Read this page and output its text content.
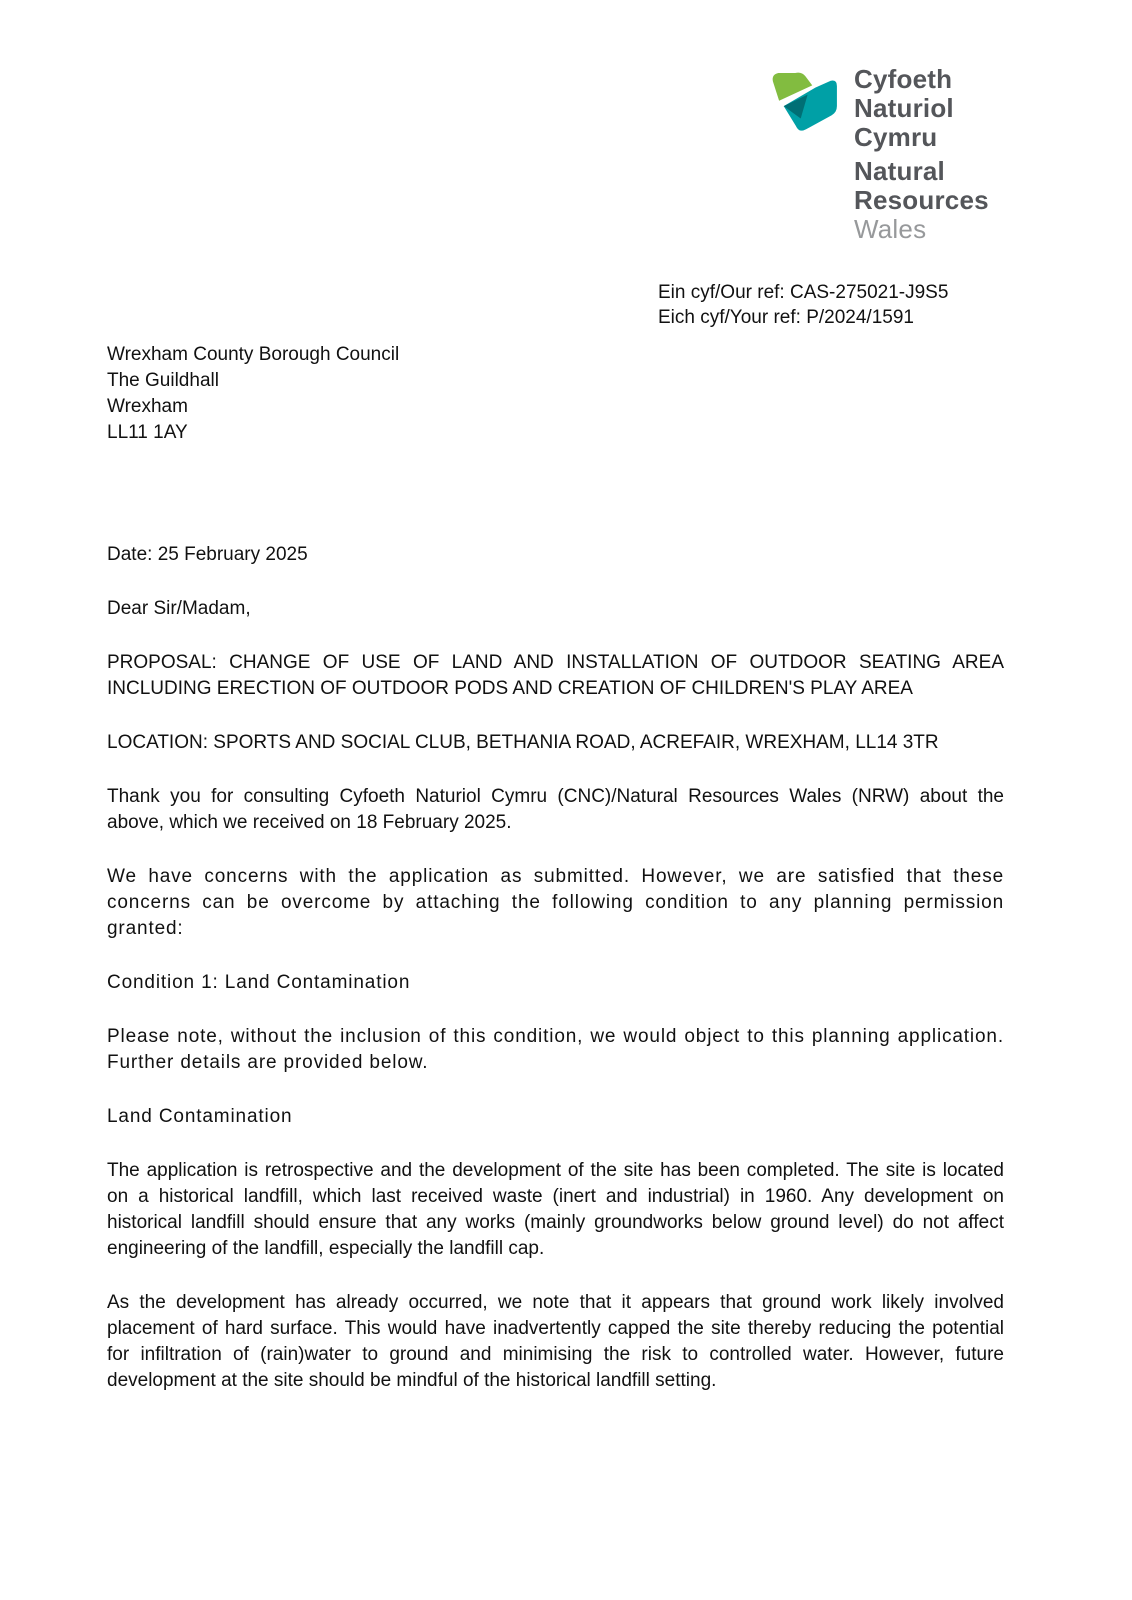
Cyfoeth
Naturiol
Cymru
Natural
Resources
Wales
Ein cyf/Our ref: CAS-275021-J9S5
Eich cyf/Your ref: P/2024/1591
Wrexham County Borough Council
The Guildhall
Wrexham
LL11 1AY

Date: 25 February 2025

Dear Sir/Madam,

PROPOSAL: CHANGE OF USE OF LAND AND INSTALLATION OF OUTDOOR SEATING AREA INCLUDING ERECTION OF OUTDOOR PODS AND CREATION OF CHILDREN'S PLAY AREA

LOCATION: SPORTS AND SOCIAL CLUB, BETHANIA ROAD, ACREFAIR, WREXHAM, LL14 3TR

Thank you for consulting Cyfoeth Naturiol Cymru (CNC)/Natural Resources Wales (NRW) about the above, which we received on 18 February 2025.

We have concerns with the application as submitted. However, we are satisfied that these concerns can be overcome by attaching the following condition to any planning permission granted:

Condition 1: Land Contamination

Please note, without the inclusion of this condition, we would object to this planning application. Further details are provided below.

Land Contamination

The application is retrospective and the development of the site has been completed. The site is located on a historical landfill, which last received waste (inert and industrial) in 1960. Any development on historical landfill should ensure that any works (mainly groundworks below ground level) do not affect engineering of the landfill, especially the landfill cap.

As the development has already occurred, we note that it appears that ground work likely involved placement of hard surface. This would have inadvertently capped the site thereby reducing the potential for infiltration of (rain)water to ground and minimising the risk to controlled water. However, future development at the site should be mindful of the historical landfill setting.
